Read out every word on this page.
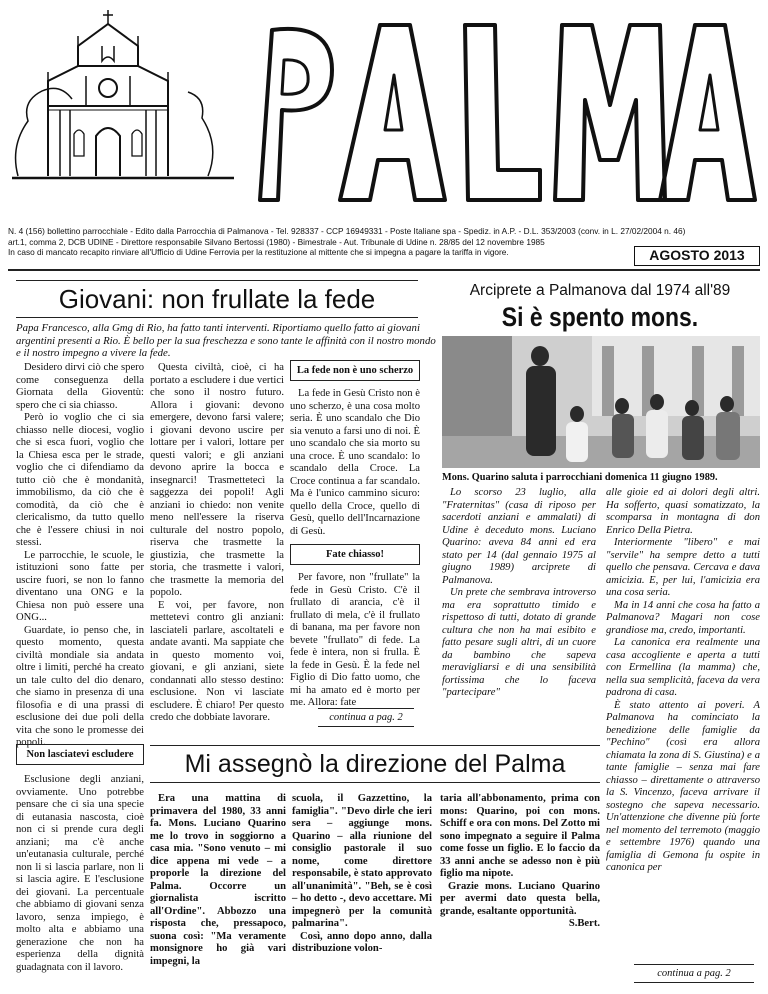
PALMA
N. 4 (156) bollettino parrocchiale - Edito dalla Parrocchia di Palmanova - Tel. 928337 - CCP 16949331 - Poste Italiane spa - Spediz. in A.P. - D.L. 353/2003 (conv. in L. 27/02/2004 n. 46)
art.1, comma 2, DCB UDINE - Direttore responsabile Silvano Bertossi (1980) - Bimestrale - Aut. Tribunale di Udine n. 28/85 del 12 novembre 1985
In caso di mancato recapito rinviare all'Ufficio di Udine Ferrovia per la restituzione al mittente che si impegna a pagare la tariffa in vigore.	AGOSTO 2013
Giovani: non frullate la fede
Papa Francesco, alla Gmg di Rio, ha fatto tanti interventi. Riportiamo quello fatto ai giovani argentini presenti a Rio. È bello per la sua freschezza e sono tante le affinità con il nostro mondo e il nostro impegno a vivere la fede.

Desidero dirvi ciò che spero come conseguenza della Giornata della Gioventù: spero che ci sia chiasso.

Però io voglio che ci sia chiasso nelle diocesi, voglio che si esca fuori, voglio che la Chiesa esca per le strade, voglio che ci difendiamo da tutto ciò che è mondanità, immobilismo, da ciò che è comodità, da ciò che è clericalismo, da tutto quello che è l'essere chiusi in noi stessi.

Le parrocchie, le scuole, le istituzioni sono fatte per uscire fuori, se non lo fanno diventano una ONG e la Chiesa non può essere una ONG...

Guardate, io penso che, in questo momento, questa civiltà mondiale sia andata oltre i limiti, perché ha creato un tale culto del dio denaro, che siamo in presenza di una filosofia e di una prassi di esclusione dei due poli della vita che sono le promesse dei popoli.

Non lasciatevi escludere

Esclusione degli anziani, ovviamente. Uno potrebbe pensare che ci sia una specie di eutanasia nascosta, cioè non ci si prende cura degli anziani; ma c'è anche un'eutanasia culturale, perché non li si lascia parlare, non li si lascia agire. E l'esclusione dei giovani. La percentuale che abbiamo di giovani senza lavoro, senza impiego, è molto alta e abbiamo una generazione che non ha esperienza della dignità guadagnata con il lavoro.

Questa civiltà, cioè, ci ha portato a escludere i due vertici che sono il nostro futuro. Allora i giovani: devono emergere, devono farsi valere; i giovani devono uscire per lottare per i valori, lottare per questi valori; e gli anziani devono aprire la bocca e insegnarci! Trasmettetecì la saggezza dei popoli! Agli anziani io chiedo: non venite meno nell'essere la riserva culturale del nostro popolo, riserva che trasmette la giustizia, che trasmette la storia, che trasmette i valori, che trasmette la memoria del popolo.

E voi, per favore, non mettetevi contro gli anziani: lasciateli parlare, ascoltateli e andate avanti. Ma sappiate che in questo momento voi, giovani, e gli anziani, siete condannati allo stesso destino: esclusione. Non vi lasciate escludere. È chiaro! Per questo credo che dobbiate lavorare.

La fede non è uno scherzo

La fede in Gesù Cristo non è uno scherzo, è una cosa molto seria. È uno scandalo che Dio sia venuto a farsi uno di noi. È uno scandalo che sia morto su una croce. È uno scandalo: lo scandalo della Croce. La Croce continua a far scandalo. Ma è l'unico cammino sicuro: quello della Croce, quello di Gesù, quello dell'Incarnazione di Gesù.

Fate chiasso!

Per favore, non "frullate" la fede in Gesù Cristo. C'è il frullato di arancia, c'è il frullato di mela, c'è il frullato di banana, ma per favore non bevete "frullato" di fede. La fede è intera, non si frulla. È la fede in Gesù. È la fede nel Figlio di Dio fatto uomo, che mi ha amato ed è morto per me. Allora: fate

continua a pag. 2
Arciprete a Palmanova dal 1974 all'89
Si è spento mons.
Mons. Quarino saluta i parrocchiani domenica 11 giugno 1989.

Lo scorso 23 luglio, alla "Fraternitas" (casa di riposo per sacerdoti anziani e ammalati) di Udine è deceduto mons. Luciano Quarino: aveva 84 anni ed era stato per 14 (dal gennaio 1975 al giugno 1989) arciprete di Palmanova.

Un prete che sembrava introverso ma era soprattutto timido e rispettoso di tutti, dotato di grande cultura che non ha mai esibito e fatto pesare sugli altri, di un cuore da bambino che sapeva meravigliarsi e di una sensibilità fortissima che lo faceva "partecipare"

alle gioie ed ai dolori degli altri. Ha sofferto, quasi somatizzato, la scomparsa in montagna di don Enrico Della Pietra.

Interiormente "libero" e mai "servile" ha sempre detto a tutti quello che pensava. Cercava e dava amicizia. E, per lui, l'amicizia era una cosa seria.

Ma in 14 anni che cosa ha fatto a Palmanova? Magari non cose grandiose ma, credo, importanti.

La canonica era realmente una casa accogliente e aperta a tutti con Ermellina (la mamma) che, nella sua semplicità, faceva da vera padrona di casa.

È stato attento ai poveri. A Palmanova ha cominciato la benedizione delle famiglie da "Pechino" (così era allora chiamata la zona di S. Giustina) e a tante famiglie – senza mai fare chiasso – direttamente o attraverso la S. Vincenzo, faceva arrivare il sostegno che sapeva necessario. Un'attenzione che divenne più forte nel momento del terremoto (maggio e settembre 1976) quando una famiglia di Gemona fu ospite in canonica per

continua a pag. 2
Mi assegnò la direzione del Palma

Era una mattina di primavera del 1980, 33 anni fa. Mons. Luciano Quarino me lo trovo in soggiorno a casa mia. "Sono venuto – mi dice appena mi vede – a proporle la direzione del Palma. Occorre un giornalista iscritto all'Ordine". Abbozzo una risposta che, pressapoco, suona così: "Ma veramente monsignore ho già vari impegni, la

scuola, il Gazzettino, la famiglia". "Devo dirle che ieri sera – aggiunge mons. Quarino – alla riunione del consiglio pastorale il suo nome, come direttore responsabile, è stato approvato all'unanimità". "Beh, se è così – ho detto -, devo accettare. Mi impegnerò per la comunità palmarina".

Così, anno dopo anno, dalla distribuzione volon-

taria all'abbonamento, prima con mons: Quarino, poi con mons. Schiff e ora con mons. Del Zotto mi sono impegnato a seguire il Palma come fosse un figlio. E lo faccio da 33 anni anche se adesso non è più figlio ma nipote.

Grazie mons. Luciano Quarino per avermi dato questa bella, grande, esaltante opportunità.

S.Bert.
